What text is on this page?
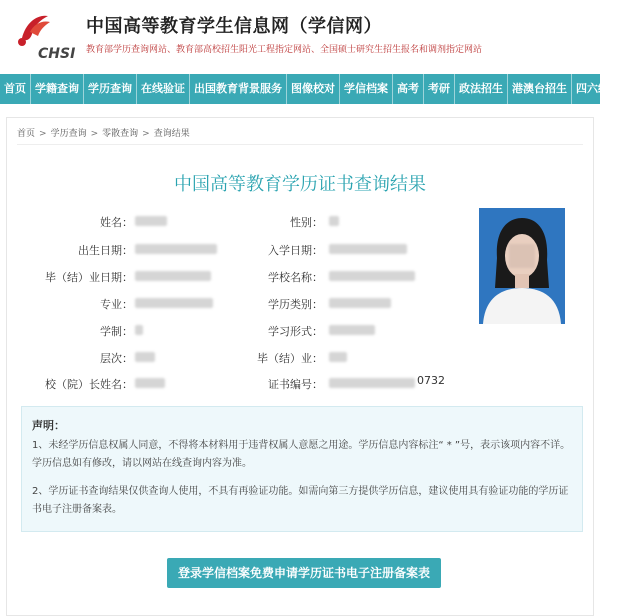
CHSI
中国高等教育学生信息网（学信网）
教育部学历查询网站、教育部高校招生阳光工程指定网站、全国硕士研究生招生报名和调剂指定网站
首页 学籍查询 学历查询 在线验证 出国教育背景服务 图像校对 学信档案 高考 考研 政法招生 港澳台招生 四六级查分
首页 > 学历查询 > 零散查询 > 查询结果
中国高等教育学历证书查询结果
姓名：
出生日期：
毕（结）业日期：
专业：
学制：
层次：
校（院）长姓名：
性别：
入学日期：
学校名称：
学历类别：
学习形式：
毕（结）业：
证书编号：	0732
声明：
1、未经学历信息权属人同意，不得将本材料用于违背权属人意愿之用途。学历信息内容标注“ * ”号，表示该项内容不详。学历信息如有修改，请以网站在线查询内容为准。
2、学历证书查询结果仅供查询人使用，不具有再验证功能。如需向第三方提供学历信息，建议使用具有验证功能的学历证书电子注册备案表。
登录学信档案免费申请学历证书电子注册备案表
